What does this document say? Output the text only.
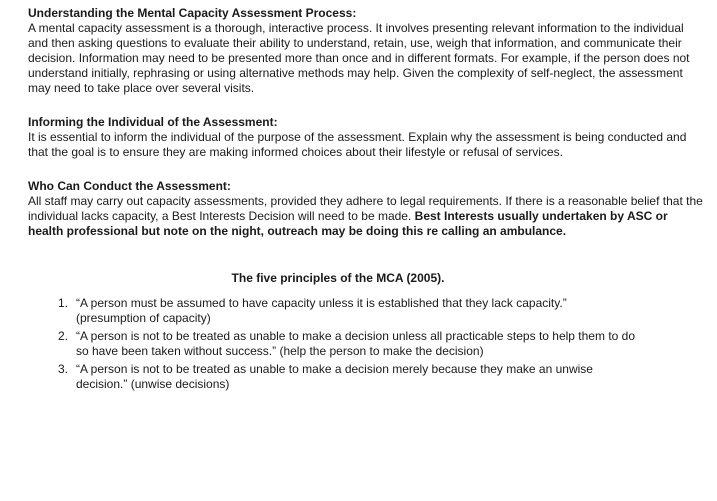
Understanding the Mental Capacity Assessment Process:
A mental capacity assessment is a thorough, interactive process. It involves presenting relevant information to the individual and then asking questions to evaluate their ability to understand, retain, use, weigh that information, and communicate their decision. Information may need to be presented more than once and in different formats. For example, if the person does not understand initially, rephrasing or using alternative methods may help. Given the complexity of self-neglect, the assessment may need to take place over several visits.
Informing the Individual of the Assessment:
It is essential to inform the individual of the purpose of the assessment. Explain why the assessment is being conducted and that the goal is to ensure they are making informed choices about their lifestyle or refusal of services.
Who Can Conduct the Assessment:
All staff may carry out capacity assessments, provided they adhere to legal requirements. If there is a reasonable belief that the individual lacks capacity, a Best Interests Decision will need to be made. Best Interests usually undertaken by ASC or health professional but note on the night, outreach may be doing this re calling an ambulance.
The five principles of the MCA (2005).
1. “A person must be assumed to have capacity unless it is established that they lack capacity.”
(presumption of capacity)
2. “A person is not to be treated as unable to make a decision unless all practicable steps to help them to do so have been taken without success.” (help the person to make the decision)
3. “A person is not to be treated as unable to make a decision merely because they make an unwise decision.” (unwise decisions)
